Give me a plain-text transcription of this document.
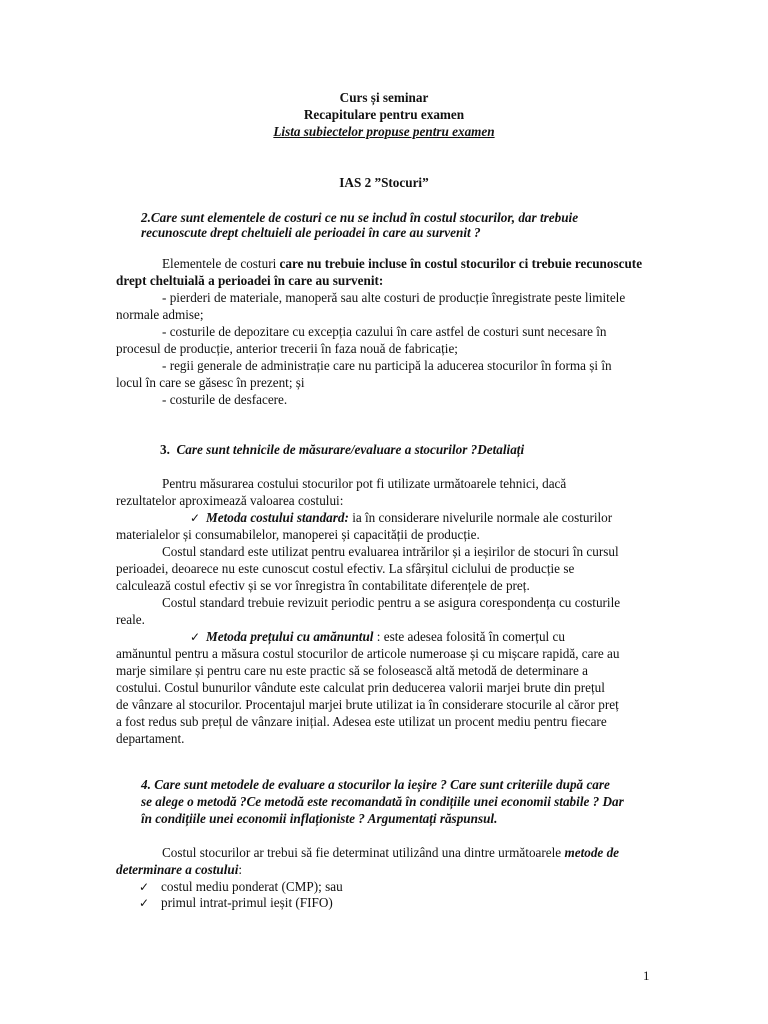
Curs și seminar
Recapitulare pentru examen
Lista subiectelor propuse pentru examen
IAS 2 ”Stocuri”
2.Care sunt elementele de costuri ce nu se includ în costul stocurilor, dar trebuie
recunoscute drept cheltuieli ale perioadei în care au survenit ?
Elementele de costuri care nu trebuie incluse în costul stocurilor ci trebuie recunoscute
drept cheltuială a perioadei în care au survenit:
- pierderi de materiale, manoperă sau alte costuri de producție înregistrate peste limitele
normale admise;
- costurile de depozitare cu excepția cazului în care astfel de costuri sunt necesare în
procesul de producție, anterior trecerii în faza nouă de fabricație;
- regii generale de administrație care nu participă la aducerea stocurilor în forma și în
locul în care se găsesc în prezent; și
- costurile de desfacere.
3. Care sunt tehnicile de măsurare/evaluare a stocurilor ?Detaliați
Pentru măsurarea costului stocurilor pot fi utilizate următoarele tehnici, dacă
rezultatelor aproximează valoarea costului:
✓ Metoda costului standard: ia în considerare nivelurile normale ale costurilor
materialelor și consumabilelor, manoperei și capacității de producție.
Costul standard este utilizat pentru evaluarea intrărilor și a ieșirilor de stocuri în cursul
perioadei, deoarece nu este cunoscut costul efectiv. La sfârșitul ciclului de producție se
calculează costul efectiv și se vor înregistra în contabilitate diferențele de preț.
Costul standard trebuie revizuit periodic pentru a se asigura corespondența cu costurile
reale.
✓ Metoda prețului cu amănuntul : este adesea folosită în comerțul cu
amănuntul pentru a măsura costul stocurilor de articole numeroase și cu mișcare rapidă, care au
marje similare și pentru care nu este practic să se folosească altă metodă de determinare a
costului. Costul bunurilor vândute este calculat prin deducerea valorii marjei brute din prețul
de vânzare al stocurilor. Procentajul marjei brute utilizat ia în considerare stocurile al căror preț
a fost redus sub prețul de vânzare inițial. Adesea este utilizat un procent mediu pentru fiecare
departament.
4. Care sunt metodele de evaluare a stocurilor la ieșire ? Care sunt criteriile după care
se alege o metodă ?Ce metodă este recomandată în condițiile unei economii stabile ? Dar
în condițiile unei economii inflaționiste ? Argumentați răspunsul.
Costul stocurilor ar trebui să fie determinat utilizând una dintre următoarele metode de
determinare a costului:
✓ costul mediu ponderat (CMP); sau
✓ primul intrat-primul ieșit (FIFO)
1
